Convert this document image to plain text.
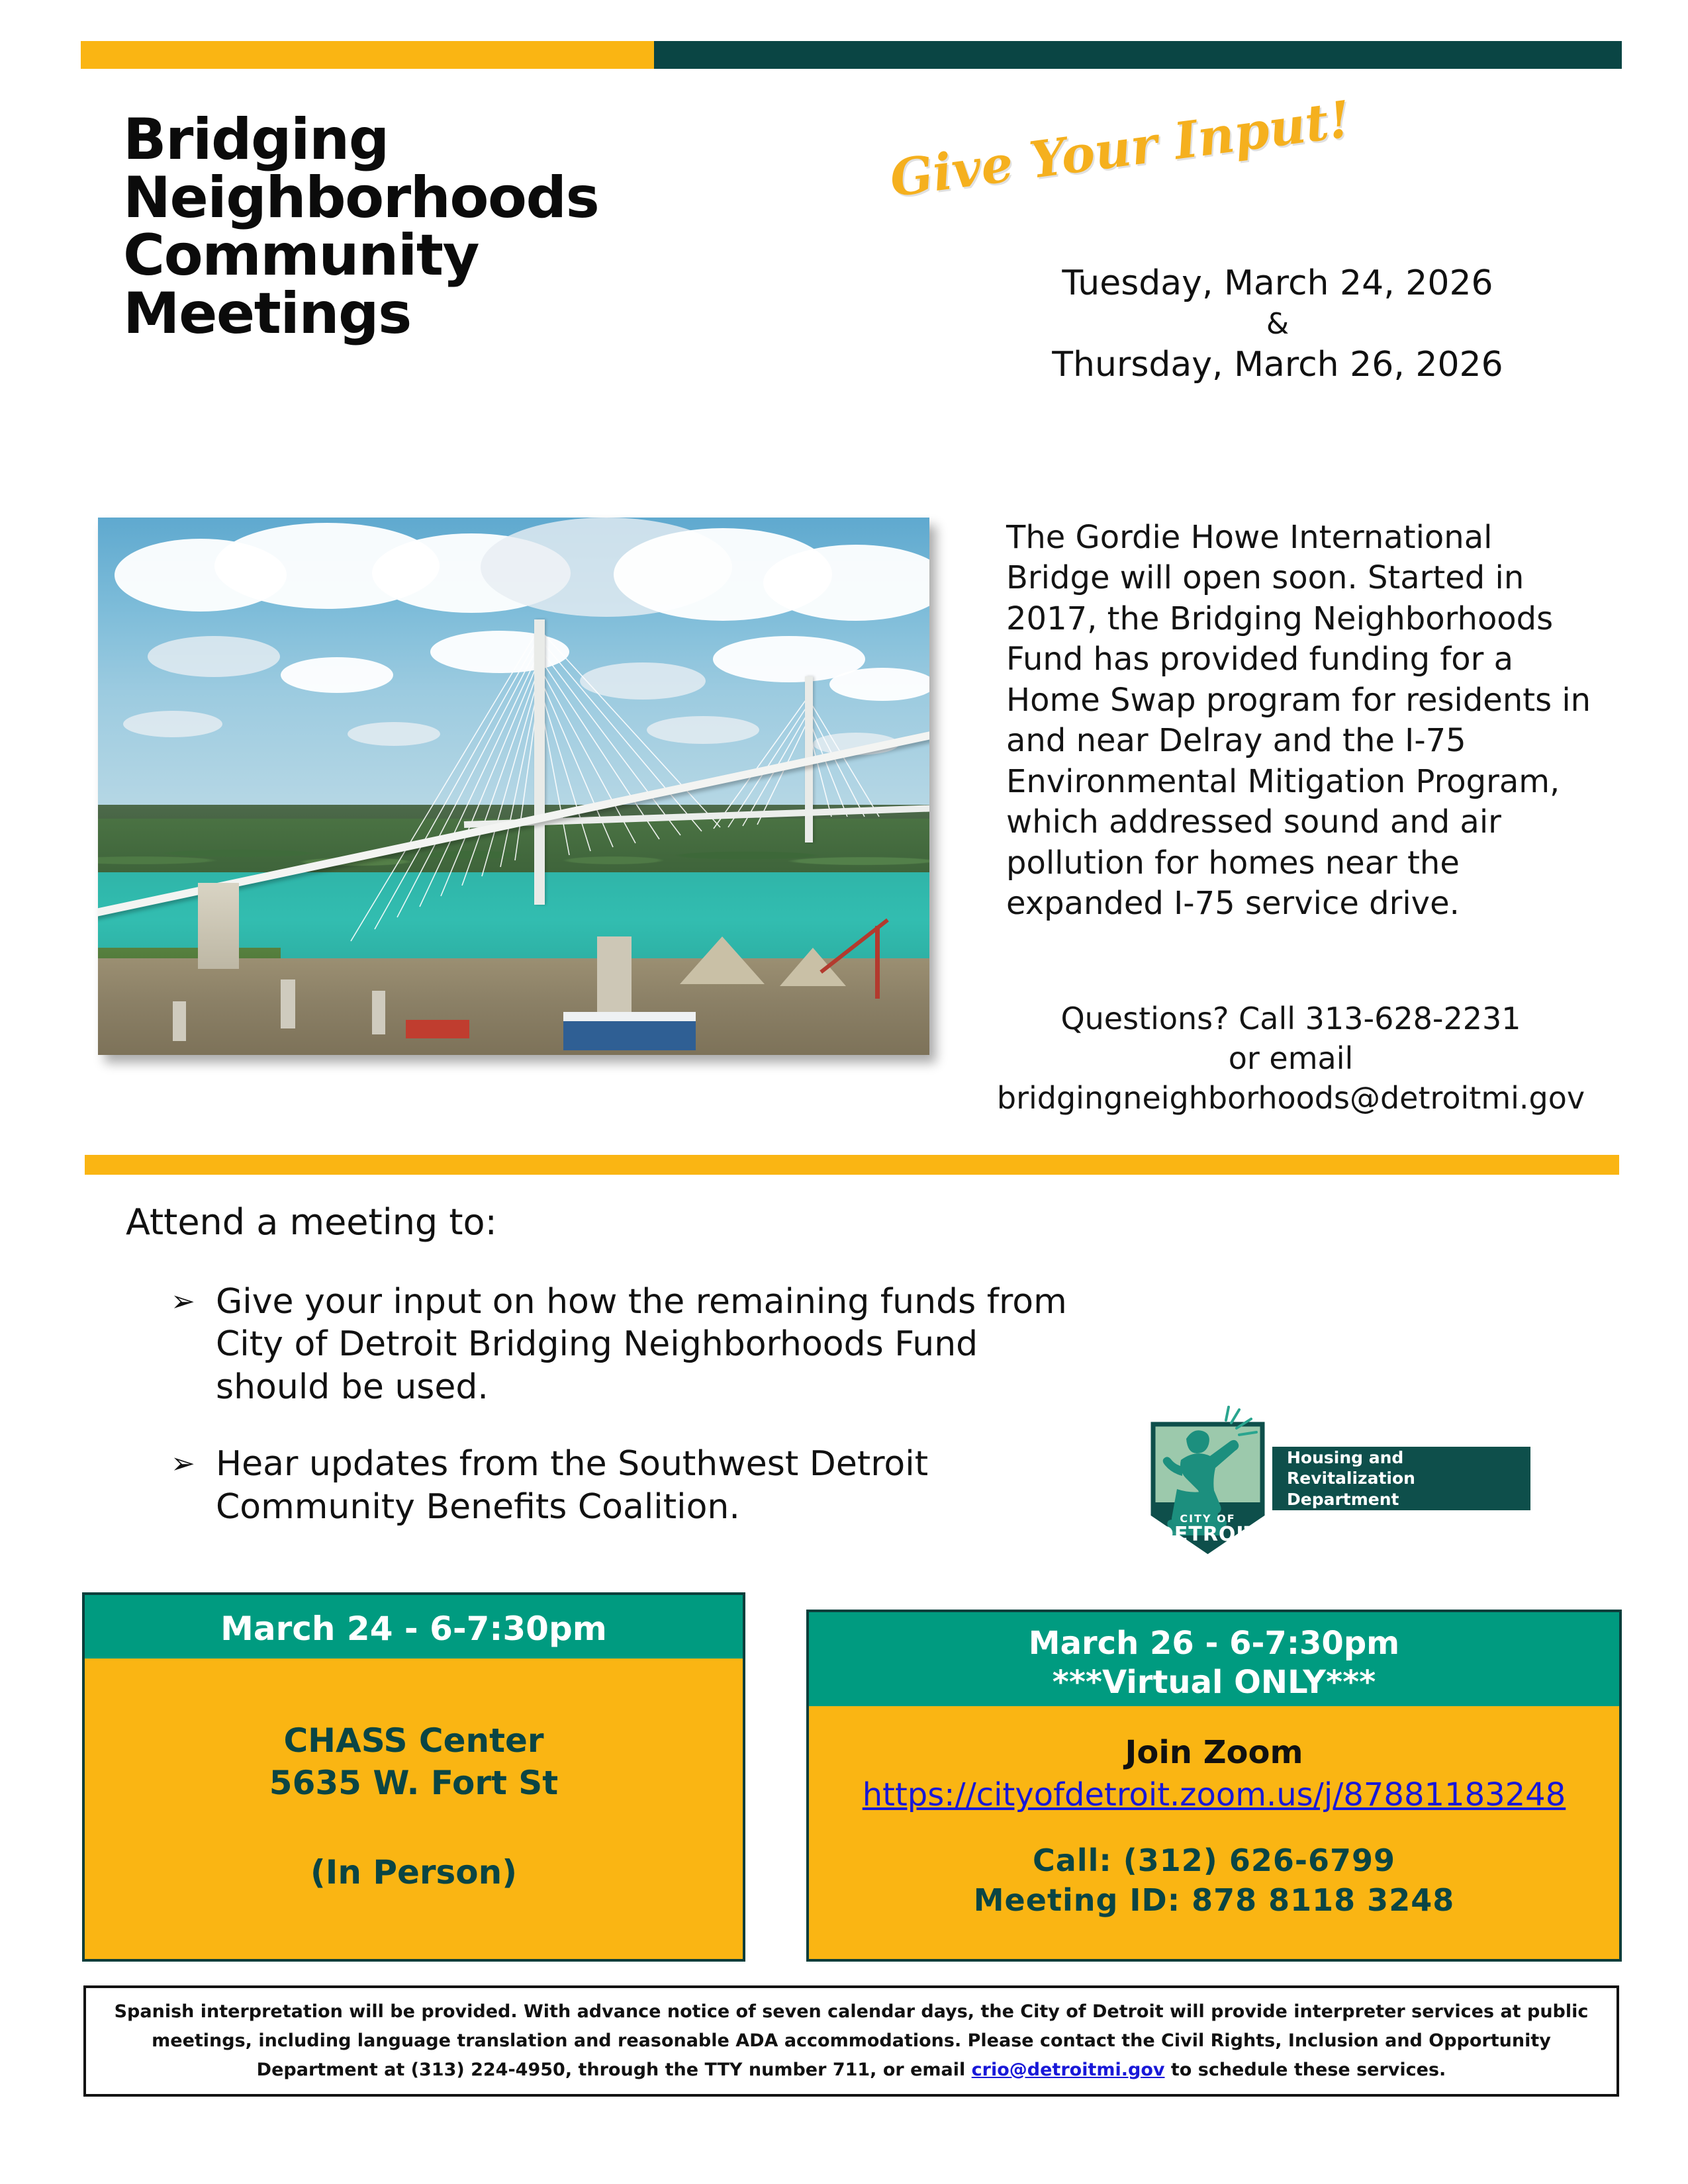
Bridging
Neighborhoods
Community
Meetings
Give Your Input!
Tuesday, March 24, 2026
&
Thursday, March 26, 2026
The Gordie Howe International Bridge will open soon. Started in 2017, the Bridging Neighborhoods Fund has provided funding for a Home Swap program for residents in and near Delray and the I-75 Environmental Mitigation Program, which addressed sound and air pollution for homes near the expanded I-75 service drive.
Questions? Call 313-628-2231
or email
bridgingneighborhoods@detroitmi.gov
Attend a meeting to:
➢ Give your input on how the remaining funds from City of Detroit Bridging Neighborhoods Fund should be used.
➢ Hear updates from the Southwest Detroit Community Benefits Coalition.	CITY OF
DETROIT
Housing and Revitalization
Department
March 24 - 6-7:30pm
CHASS Center
5635 W. Fort St
(In Person)
March 26 - 6-7:30pm
***Virtual ONLY***
Join Zoom
https://cityofdetroit.zoom.us/j/87881183248
Call: (312) 626-6799
Meeting ID: 878 8118 3248
Spanish interpretation will be provided. With advance notice of seven calendar days, the City of Detroit will provide interpreter services at public meetings, including language translation and reasonable ADA accommodations. Please contact the Civil Rights, Inclusion and Opportunity Department at (313) 224-4950, through the TTY number 711, or email crio@detroitmi.gov to schedule these services.
